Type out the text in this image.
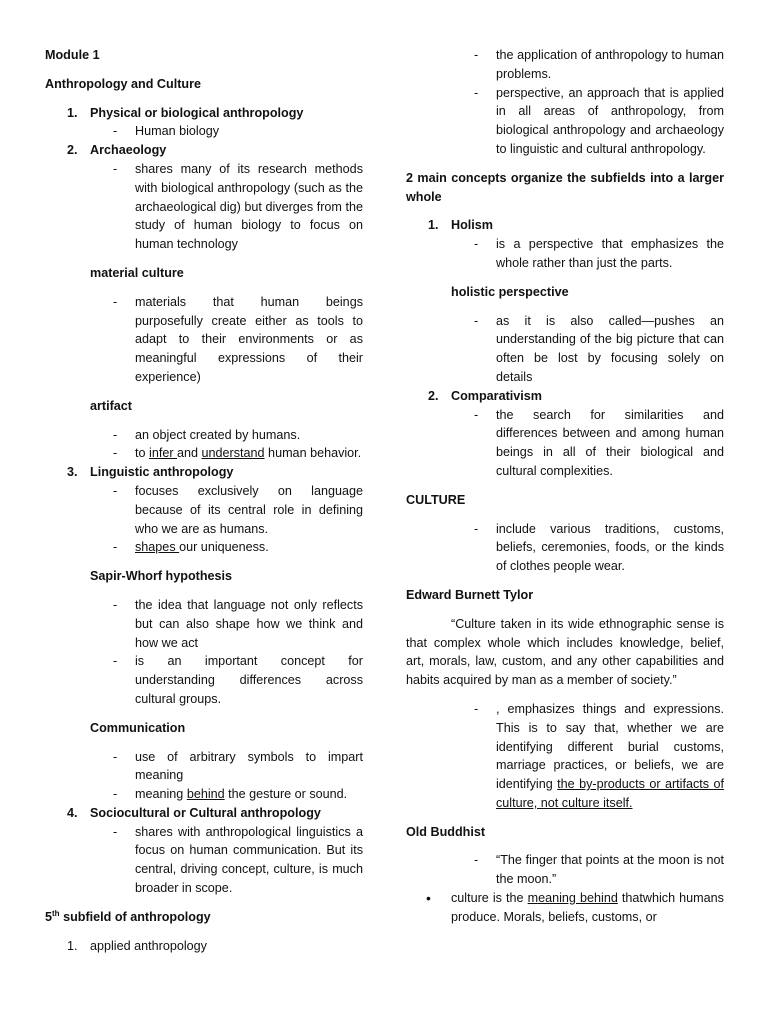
Module 1
Anthropology and Culture
1. Physical or biological anthropology
- Human biology
2. Archaeology
- shares many of its research methods with biological anthropology (such as the archaeological dig) but diverges from the study of human biology to focus on human technology
material culture
- materials that human beings purposefully create either as tools to adapt to their environments or as meaningful expressions of their experience)
artifact
- an object created by humans.
- to infer and understand human behavior.
3. Linguistic anthropology
- focuses exclusively on language because of its central role in defining who we are as humans.
- shapes our uniqueness.
Sapir-Whorf hypothesis
- the idea that language not only reflects but can also shape how we think and how we act
- is an important concept for understanding differences across cultural groups.
Communication
- use of arbitrary symbols to impart meaning
- meaning behind the gesture or sound.
4. Sociocultural or Cultural anthropology
- shares with anthropological linguistics a focus on human communication. But its central, driving concept, culture, is much broader in scope.
5th subfield of anthropology
1. applied anthropology
- the application of anthropology to human problems.
- perspective, an approach that is applied in all areas of anthropology, from biological anthropology and archaeology to linguistic and cultural anthropology.
2 main concepts organize the subfields into a larger whole
1. Holism
- is a perspective that emphasizes the whole rather than just the parts.
holistic perspective
- as it is also called—pushes an understanding of the big picture that can often be lost by focusing solely on details
2. Comparativism
- the search for similarities and differences between and among human beings in all of their biological and cultural complexities.
CULTURE
- include various traditions, customs, beliefs, ceremonies, foods, or the kinds of clothes people wear.
Edward Burnett Tylor
“Culture taken in its wide ethnographic sense is that complex whole which includes knowledge, belief, art, morals, law, custom, and any other capabilities and habits acquired by man as a member of society.”
- , emphasizes things and expressions. This is to say that, whether we are identifying different burial customs, marriage practices, or beliefs, we are identifying the by-products or artifacts of culture, not culture itself.
Old Buddhist
- “The finger that points at the moon is not the moon.”
• culture is the meaning behind thatwhich humans produce. Morals, beliefs, customs, or
